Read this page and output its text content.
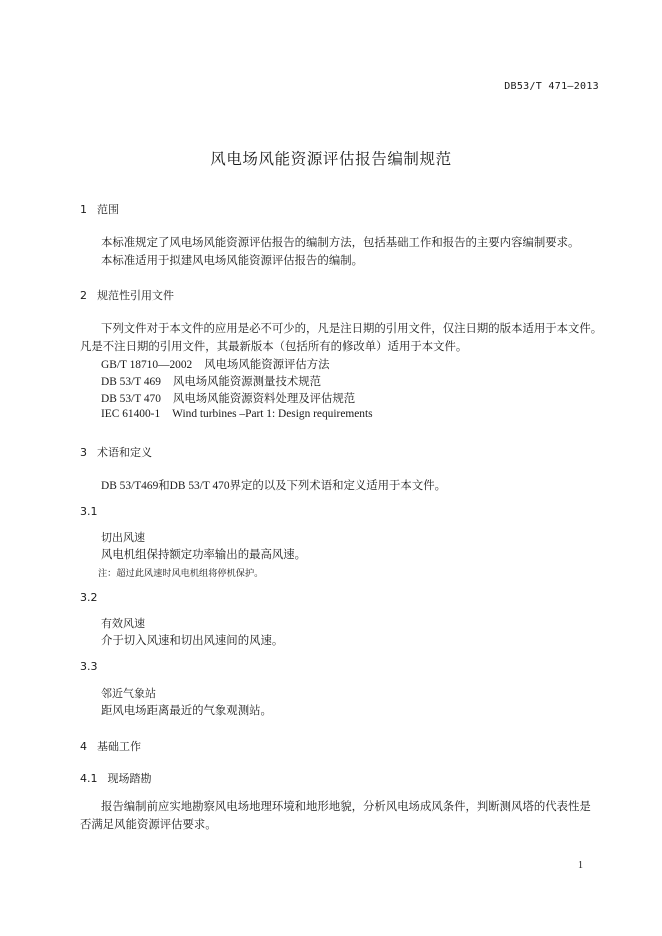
DB53/T 471—2013
风电场风能资源评估报告编制规范
1 范围
本标准规定了风电场风能资源评估报告的编制方法，包括基础工作和报告的主要内容编制要求。
本标准适用于拟建风电场风能资源评估报告的编制。
2 规范性引用文件
下列文件对于本文件的应用是必不可少的，凡是注日期的引用文件，仅注日期的版本适用于本文件。
凡是不注日期的引用文件，其最新版本（包括所有的修改单）适用于本文件。
GB/T 18710—2002 风电场风能资源评估方法
DB 53/T 469 风电场风能资源测量技术规范
DB 53/T 470 风电场风能资源资料处理及评估规范
IEC 61400-1 Wind turbines –Part 1: Design requirements
3 术语和定义
DB 53/T469和DB 53/T 470界定的以及下列术语和定义适用于本文件。
3.1
切出风速
风电机组保持额定功率输出的最高风速。
注：超过此风速时风电机组将停机保护。
3.2
有效风速
介于切入风速和切出风速间的风速。
3.3
邻近气象站
距风电场距离最近的气象观测站。
4 基础工作
4.1 现场踏勘
报告编制前应实地勘察风电场地理环境和地形地貌，分析风电场成风条件，判断测风塔的代表性是
否满足风能资源评估要求。
1
